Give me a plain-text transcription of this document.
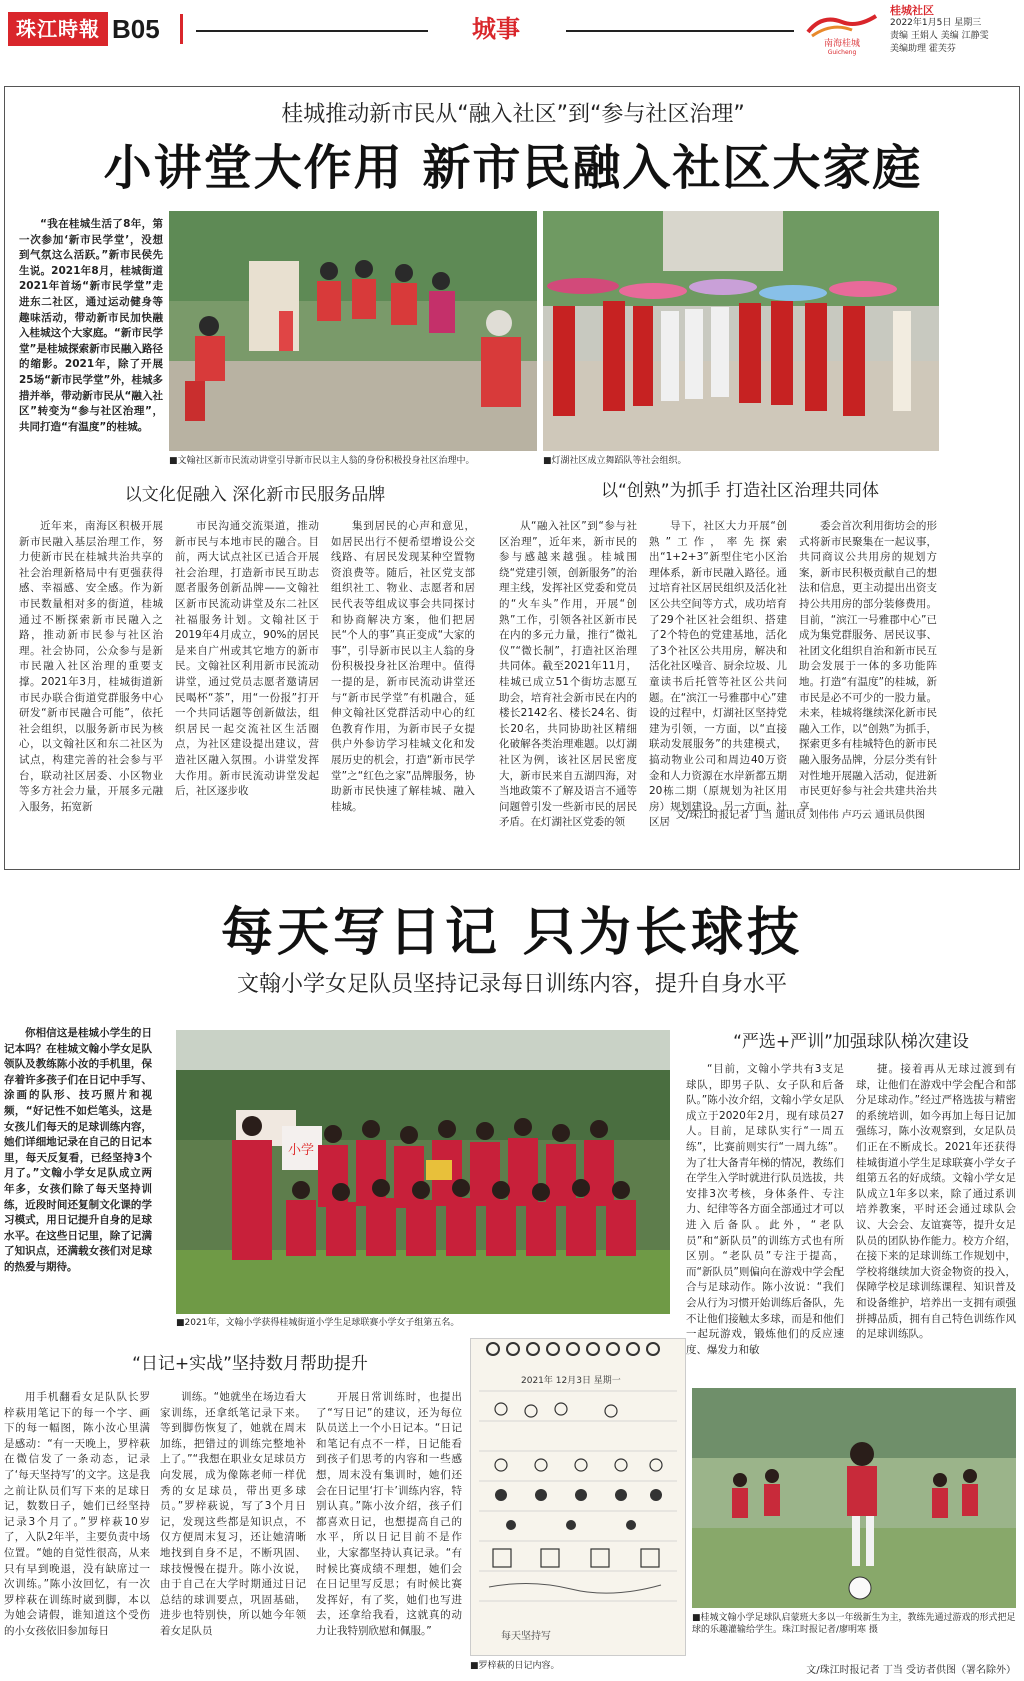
珠江時報 B05	城事
南海桂城
Guicheng
桂城社区
2022年1月5日 星期三
责编 王娟人 美编 江静雯
美编助理 霍芙芬
桂城推动新市民从“融入社区”到“参与社区治理”
小讲堂大作用 新市民融入社区大家庭

“我在桂城生活了8年，第一次参加‘新市民学堂’，没想到气氛这么活跃。”新市民侯先生说。2021年8月，桂城街道2021年首场“新市民学堂”走进东二社区，通过运动健身等趣味活动，带动新市民加快融入桂城这个大家庭。“新市民学堂”是桂城探索新市民融入路径的缩影。2021年，除了开展25场“新市民学堂”外，桂城多措并举，带动新市民从“融入社区”转变为“参与社区治理”，共同打造“有温度”的桂城。

■文翰社区新市民流动讲堂引导新市民以主人翁的身份积极投身社区治理中。	■灯湖社区成立舞蹈队等社会组织。
以文化促融入 深化新市民服务品牌	以“创熟”为抓手 打造社区治理共同体

近年来，南海区积极开展新市民融入基层治理工作，努力使新市民在桂城共治共享的社会治理新格局中有更强获得感、幸福感、安全感。作为新市民数量相对多的街道，桂城通过不断探索新市民融入之路，推动新市民参与社区治理。社会协同，公众参与是新市民融入社区治理的重要支撑。2021年3月，桂城街道新市民办联合街道党群服务中心研发“新市民融合可能”，依托社会组织，以服务新市民为核心，以文翰社区和东二社区为试点，构建完善的社会参与平台，联动社区居委、小区物业等多方社会力量，开展多元融入服务，拓宽新

市民沟通交流渠道，推动新市民与本地市民的融合。目前，两大试点社区已适合开展社会治理，打造新市民互助志愿者服务创新品牌——文翰社区新市民流动讲堂及东二社区社福服务计划。文翰社区于2019年4月成立，90%的居民是来自广州或其它地方的新市民。文翰社区利用新市民流动讲堂，通过党员志愿者邀请居民喝杯“茶”，用“一份报”打开一个共同话题等创新做法，组织居民一起交流社区生活圈点，为社区建设提出建议，营造社区融入氛围。小讲堂发挥大作用。新市民流动讲堂发起后，社区逐步收

集到居民的心声和意见，如居民出行不便希望增设公交线路、有居民发现某种空置物资浪费等。随后，社区党支部组织社工、物业、志愿者和居民代表等组成议事会共同探讨和协商解决方案，他们把居民“个人的事”真正变成“大家的事”，引导新市民以主人翁的身份积极投身社区治理中。值得一提的是，新市民流动讲堂还与“新市民学堂”有机融合，延伸文翰社区党群活动中心的红色教育作用，为新市民子女提供户外参访学习桂城文化和发展历史的机会，打造“新市民学堂”之“红色之家”品牌服务，协助新市民快速了解桂城、融入桂城。

从“融入社区”到“参与社区治理”，近年来，新市民的参与感越来越强。桂城围绕“党建引领，创新服务”的治理主线，发挥社区党委和党员的“火车头”作用，开展“创熟”工作，引领各社区新市民在内的多元力量，推行“微礼仪”“微长制”，打造社区治理共同体。截至2021年11月，桂城已成立51个街坊志愿互助会，培育社会新市民在内的楼长2142名、楼长24名、街长20名，共同协助社区精细化破解各类治理难题。以灯湖社区为例，该社区居民密度大，新市民来自五湖四海，对当地政策不了解及语言不通等问题曾引发一些新市民的居民矛盾。在灯湖社区党委的领

导下，社区大力开展“创熟”工作，率先探索出“1+2+3”新型住宅小区治理体系，新市民融入路径。通过培育社区居民组织及活化社区公共空间等方式，成功培育了29个社区社会组织、搭建了2个特色的党建基地，活化了3个社区公共用房，解决和活化社区噪音、厨余垃圾、儿童读书后托管等社区公共问题。在“滨江一号雅郡中心”建设的过程中，灯湖社区坚持党建为引领，一方面，以“直接联动发展服务”的共建模式，搞动物业公司和周边40万资金和人力资源在水岸新都五期20栋二期（原规划为社区用房）规划建设。另一方面，社区居

委会首次利用街坊会的形式将新市民聚集在一起议事，共同商议公共用房的规划方案，新市民积极贡献自己的想法和信息，更主动提出出资支持公共用房的部分装修费用。目前，“滨江一号雅郡中心”已成为集党群服务、居民议事、社团文化组织自治和新市民互助会发展于一体的多功能阵地。打造“有温度”的桂城，新市民是必不可少的一股力量。未来，桂城将继续深化新市民融入工作，以“创熟”为抓手，探索更多有桂城特色的新市民融入服务品牌，分层分类有针对性地开展融入活动，促进新市民更好参与社会共建共治共享。

文/珠江时报记者 丁当 通讯员 刘伟伟 卢巧云 通讯员供图
每天写日记 只为长球技
文翰小学女足队员坚持记录每日训练内容，提升自身水平

你相信这是桂城小学生的日记本吗？在桂城文翰小学女足队领队及教练陈小汝的手机里，保存着许多孩子们在日记中手写、涂画的队形、技巧照片和视频，“好记性不如烂笔头，这是女孩儿们每天的足球训练内容，她们详细地记录在自己的日记本里，每天反复看，已经坚持3个月了。”文翰小学女足队成立两年多，女孩们除了每天坚持训练，近段时间还复制文化课的学习模式，用日记提升自身的足球水平。在这些日记里，除了记满了知识点，还满载女孩们对足球的热爱与期待。

小学
■2021年，文翰小学获得桂城街道小学生足球联赛小学女子组第五名。
“严选+严训”加强球队梯次建设
“日记+实战”坚持数月帮助提升

“目前，文翰小学共有3支足球队，即男子队、女子队和后备队。”陈小汝介绍，文翰小学女足队成立于2020年2月，现有球员27人。目前，足球队实行“一周五练”，比赛前则实行“一周九练”。为了壮大备青年梯的情况，教练们在学生入学时就进行队员选拔，共安排3次考核，身体条件、专注力、纪律等各方面全部通过才可以进入后备队。此外，“老队员”和“新队员”的训练方式也有所区别。“老队员”专注于提高，而“新队员”则偏向在游戏中学会配合与足球动作。陈小汝说：“我们会从行为习惯开始训练后备队，先不让他们接触太多球，而是和他们一起玩游戏，锻炼他们的反应速度、爆发力和敏

捷。接着再从无球过渡到有球，让他们在游戏中学会配合和部分足球动作。”经过严格选拔与精密的系统培训，如今再加上每日记加强练习，陈小汝观察到，女足队员们正在不断成长。2021年还获得桂城街道小学生足球联赛小学女子组第五名的好成绩。文翰小学女足队成立1年多以来，除了通过系训培养教案，平时还会通过球队会议、大会会、友谊赛等，提升女足队员的团队协作能力。校方介绍，在接下来的足球训练工作规划中，学校将继续加大资金物资的投入，保障学校足球训练课程、知识普及和设备维护，培养出一支拥有顽强拼搏品质，拥有自己特色训练作风的足球训练队。

用手机翻看女足队队长罗梓萩用笔记下的每一个字、画下的每一幅图，陈小汝心里满是感动：“有一天晚上，罗梓萩在微信发了一条动态，记录了‘每天坚持写’的文字。这是我之前让队员们写下来的足球日记，数数日子，她们已经坚持记录3个月了。”罗梓萩10岁了，入队2年半，主要负责中场位置。“她的自觉性很高，从来只有早到晚退，没有缺席过一次训练。”陈小汝回忆，有一次罗梓萩在训练时崴到脚，本以为她会请假，谁知道这个受伤的小女孩依旧参加每日

训练。“她就坐在场边看大家训练，还拿纸笔记录下来。等到脚伤恢复了，她就在周末加练，把错过的训练完整地补上了。”“我想在职业女足球员方向发展，成为像陈老师一样优秀的女足球员，带出更多球员。”罗梓萩说，写了3个月日记，发现这些都是知识点，不仅方便周末复习，还让她清晰地找到自身不足，不断巩固、球技慢慢在提升。陈小汝说，由于自己在大学时期通过日记总结的球训要点，巩固基础，进步也特别快，所以她今年领着女足队员

开展日常训练时，也提出了“写日记”的建议，还为每位队员送上一个小日记本。“日记和笔记有点不一样，日记能看到孩子们思考的内容和一些感想，周末没有集训时，她们还会在日记里‘打卡’训练内容，特别认真。”陈小汝介绍，孩子们都喜欢日记，也想提高自己的水平，所以日记目前不是作业，大家都坚持认真记录。“有时候比赛成绩不理想，她们会在日记里写反思；有时候比赛发挥好，有了奖，她们也写进去，还拿给我看，这就真的动力让我特别欣慰和佩服。”

2021年 12月3日 星期一
每天坚持写
■罗梓萩的日记内容。
■桂城文翰小学足球队启蒙班大多以一年级新生为主，教练先通过游戏的形式把足球的乐趣灌输给学生。珠江时报记者/廖明寒 摄
文/珠江时报记者 丁当 受访者供图（署名除外）
